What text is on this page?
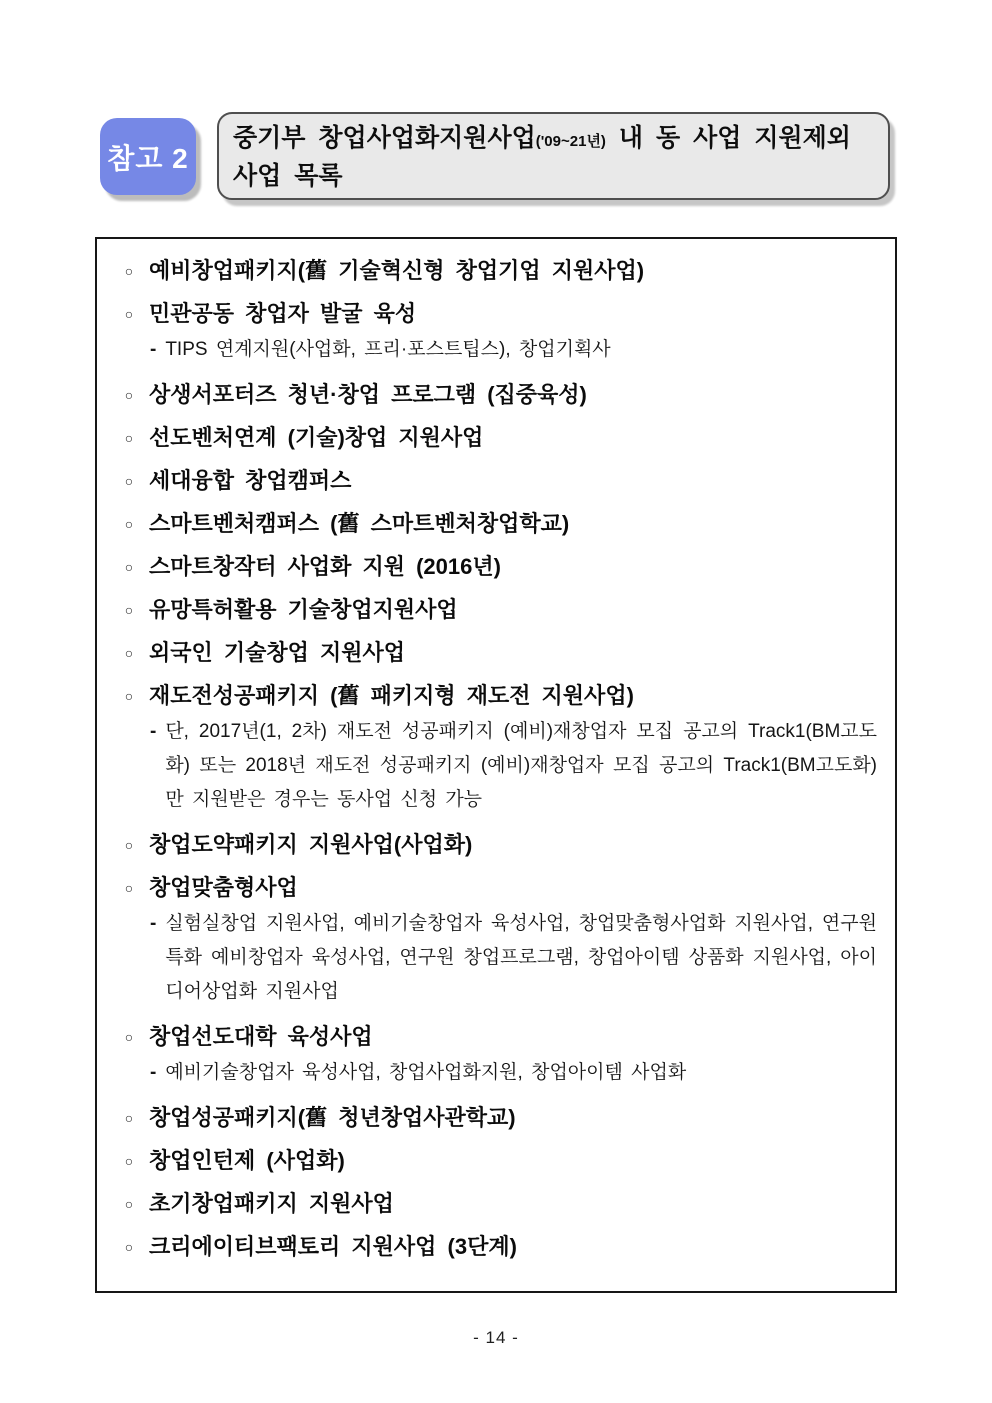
참고 2
중기부 창업사업화지원사업('09~21년) 내 동 사업 지원제외
사업 목록
○ 예비창업패키지(舊 기술혁신형 창업기업 지원사업)
○ 민관공동 창업자 발굴 육성
- TIPS 연계지원(사업화, 프리·포스트팁스), 창업기획사
○ 상생서포터즈 청년·창업 프로그램 (집중육성)
○ 선도벤처연계 (기술)창업 지원사업
○ 세대융합 창업캠퍼스
○ 스마트벤처캠퍼스 (舊 스마트벤처창업학교)
○ 스마트창작터 사업화 지원 (2016년)
○ 유망특허활용 기술창업지원사업
○ 외국인 기술창업 지원사업
○ 재도전성공패키지 (舊 패키지형 재도전 지원사업)
- 단, 2017년(1, 2차) 재도전 성공패키지 (예비)재창업자 모집 공고의 Track1(BM고도화) 또는 2018년 재도전 성공패키지 (예비)재창업자 모집 공고의 Track1(BM고도화)만 지원받은 경우는 동사업 신청 가능
○ 창업도약패키지 지원사업(사업화)
○ 창업맞춤형사업
- 실험실창업 지원사업, 예비기술창업자 육성사업, 창업맞춤형사업화 지원사업, 연구원특화 예비창업자 육성사업, 연구원 창업프로그램, 창업아이템 상품화 지원사업, 아이디어상업화 지원사업
○ 창업선도대학 육성사업
- 예비기술창업자 육성사업, 창업사업화지원, 창업아이템 사업화
○ 창업성공패키지(舊 청년창업사관학교)
○ 창업인턴제 (사업화)
○ 초기창업패키지 지원사업
○ 크리에이티브팩토리 지원사업 (3단계)
- 14 -
